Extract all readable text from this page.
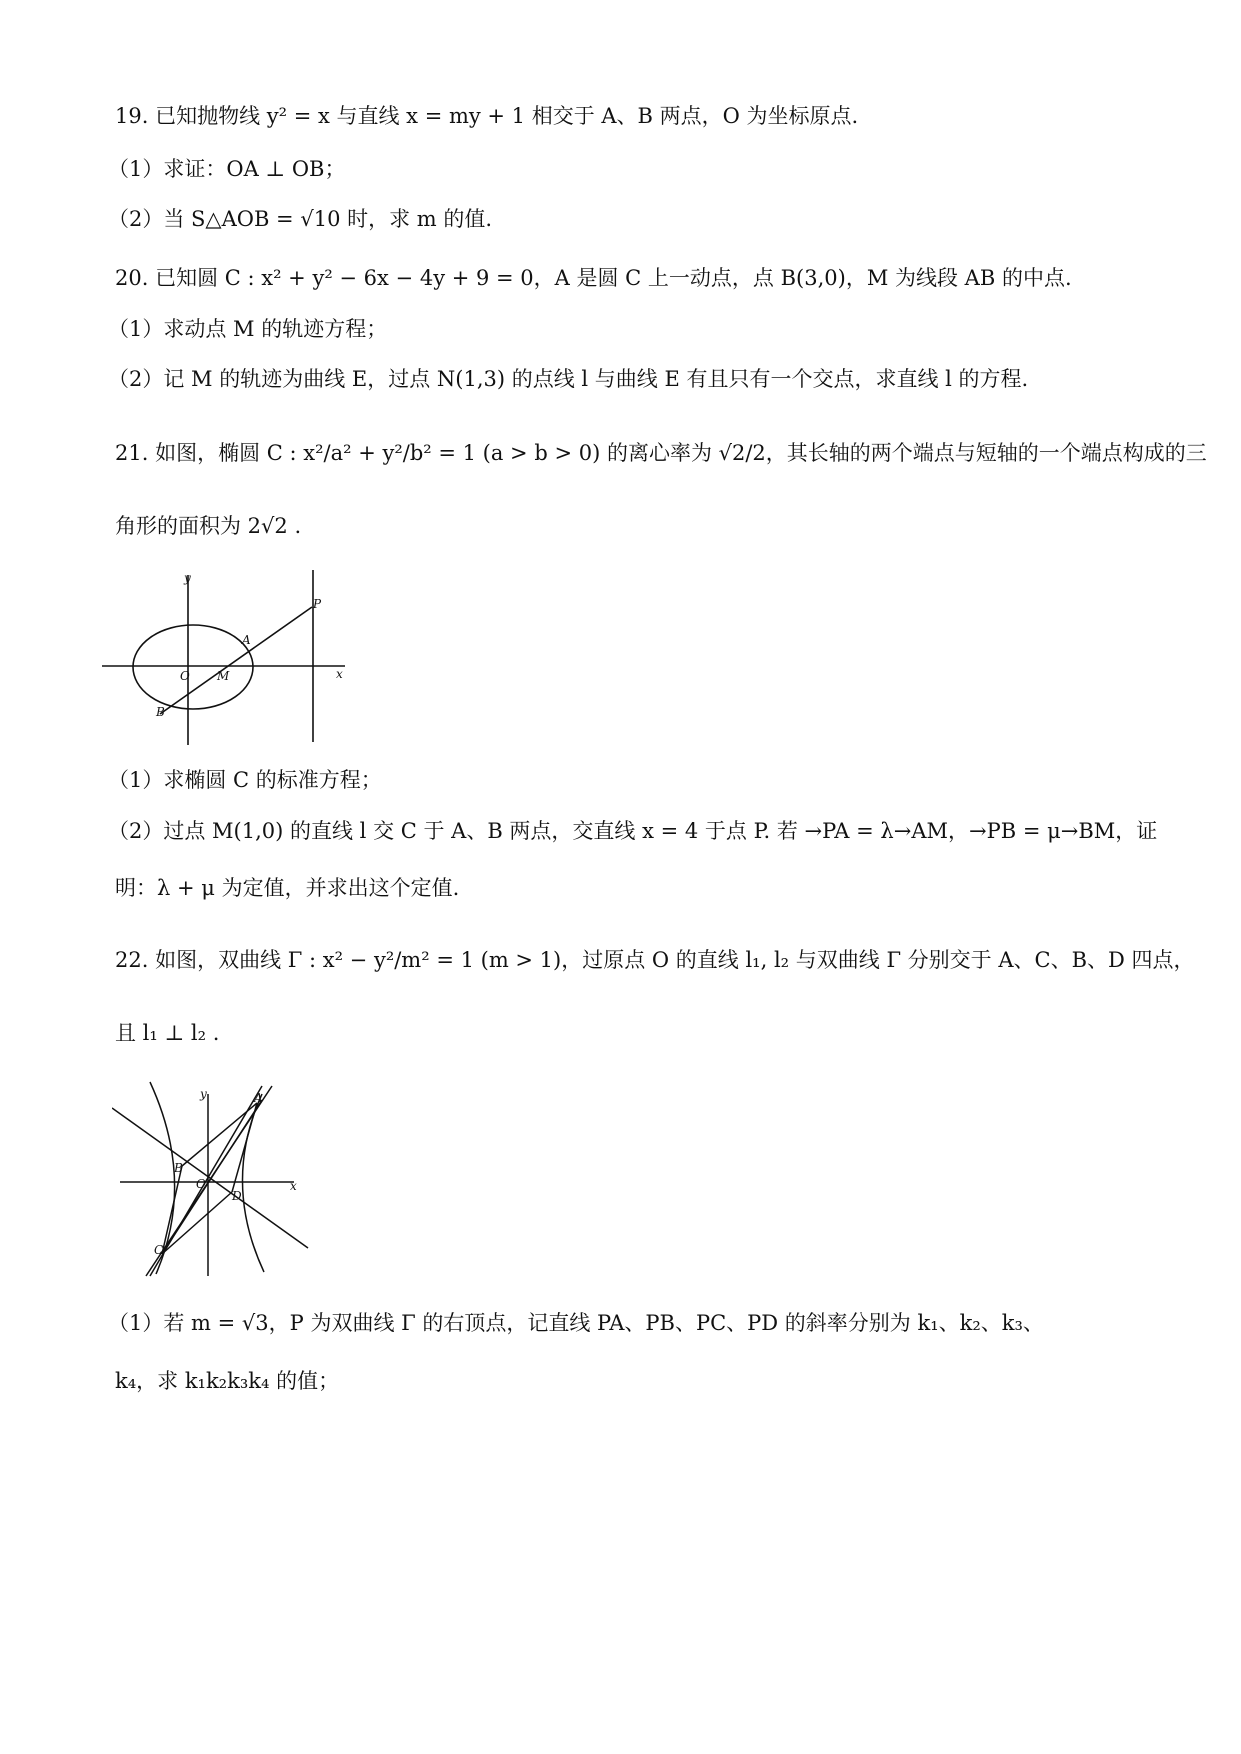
19. 已知抛物线 y² = x 与直线 x = my + 1 相交于 A、B 两点，O 为坐标原点.
（1）求证：OA ⊥ OB；
（2）当 S△AOB = √10 时，求 m 的值.
20. 已知圆 C : x² + y² − 6x − 4y + 9 = 0，A 是圆 C 上一动点，点 B(3,0)，M 为线段 AB 的中点.
（1）求动点 M 的轨迹方程；
（2）记 M 的轨迹为曲线 E，过点 N(1,3) 的点线 l 与曲线 E 有且只有一个交点，求直线 l 的方程.
21. 如图，椭圆 C : x²/a² + y²/b² = 1 (a > b > 0) 的离心率为 √2/2，其长轴的两个端点与短轴的一个端点构成的三
角形的面积为 2√2 .
y
x
O M
A
B
P
（1）求椭圆 C 的标准方程；
（2）过点 M(1,0) 的直线 l 交 C 于 A、B 两点，交直线 x = 4 于点 P. 若 →PA = λ→AM，→PB = μ→BM，证
明：λ + μ 为定值，并求出这个定值.
22. 如图，双曲线 Γ : x² − y²/m² = 1 (m > 1)，过原点 O 的直线 l₁, l₂ 与双曲线 Γ 分别交于 A、C、B、D 四点，
且 l₁ ⊥ l₂ .
y
x
O
A
B
C
D
（1）若 m = √3，P 为双曲线 Γ 的右顶点，记直线 PA、PB、PC、PD 的斜率分别为 k₁、k₂、k₃、
k₄，求 k₁k₂k₃k₄ 的值；
